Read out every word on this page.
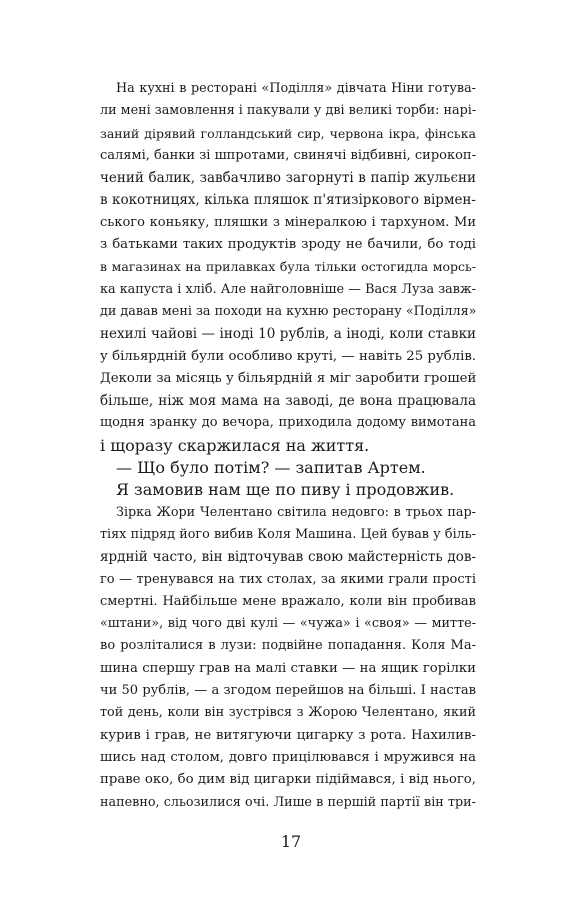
На кухні в ресторані «Поділля» дівчата Ніни готува-
ли мені замовлення і пакували у дві великі торби: нарі-
заний дірявий голландський сир, червона ікра, фінська
салямі, банки зі шпротами, свинячі відбивні, сирокоп-
чений балик, завбачливо загорнуті в папір жульєни
в кокотницях, кілька пляшок п'ятизіркового вірмен-
ського коньяку, пляшки з мінералкою і тархуном. Ми
з батьками таких продуктів зроду не бачили, бо тоді
в магазинах на прилавках була тільки остогидла морсь-
ка капуста і хліб. Але найголовніше — Вася Луза завж-
ди давав мені за походи на кухню ресторану «Поділля»
нехилі чайові — іноді 10 рублів, а іноді, коли ставки
у більярдній були особливо круті, — навіть 25 рублів.
Деколи за місяць у більярдній я міг заробити грошей
більше, ніж моя мама на заводі, де вона працювала
щодня зранку до вечора, приходила додому вимотана
і щоразу скаржилася на життя.
— Що було потім? — запитав Артем.
Я замовив нам ще по пиву і продовжив.
Зірка Жори Челентано світила недовго: в трьох пар-
тіях підряд його вибив Коля Машина. Цей бував у біль-
ярдній часто, він відточував свою майстерність дов-
го — тренувався на тих столах, за якими грали прості
смертні. Найбільше мене вражало, коли він пробивав
«штани», від чого дві кулі — «чужа» і «своя» — митте-
во розліталися в лузи: подвійне попадання. Коля Ма-
шина спершу грав на малі ставки — на ящик горілки
чи 50 рублів, — а згодом перейшов на більші. І настав
той день, коли він зустрівся з Жорою Челентано, який
курив і грав, не витягуючи цигарку з рота. Нахилив-
шись над столом, довго прицілювався і мружився на
праве око, бо дим від цигарки підіймався, і від нього,
напевно, сльозилися очі. Лише в першій партії він три-
17
